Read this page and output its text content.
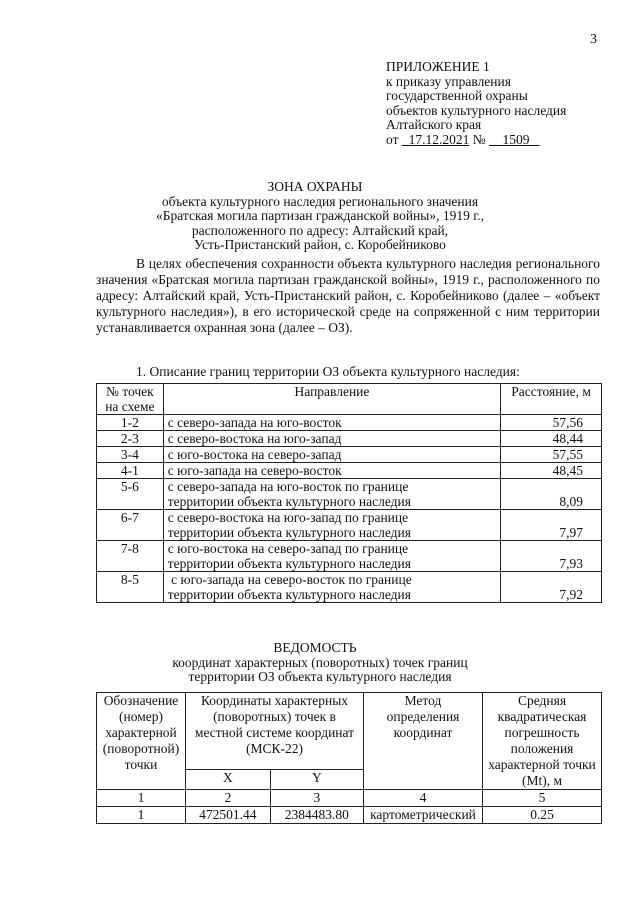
3
ПРИЛОЖЕНИЕ 1
к приказу управления
государственной охраны
объектов культурного наследия
Алтайского края
от 17.12.2021 № 1509
ЗОНА ОХРАНЫ
объекта культурного наследия регионального значения
«Братская могила партизан гражданской войны», 1919 г.,
расположенного по адресу: Алтайский край,
Усть-Пристанский район, с. Коробейниково
В целях обеспечения сохранности объекта культурного наследия регионального значения «Братская могила партизан гражданской войны», 1919 г., расположенного по адресу: Алтайский край, Усть-Пристанский район, с. Коробейниково (далее – «объект культурного наследия»), в его исторической среде на сопряженной с ним территории устанавливается охранная зона (далее – ОЗ).
1. Описание границ территории ОЗ объекта культурного наследия:
№ точек на схеме	Направление	Расстояние, м
1-2	с северо-запада на юго-восток	57,56
2-3	с северо-востока на юго-запад	48,44
3-4	с юго-востока на северо-запад	57,55
4-1	с юго-запада на северо-восток	48,45
5-6	с северо-запада на юго-восток по границе
территории объекта культурного наследия	8,09
6-7	с северо-востока на юго-запад по границе
территории объекта культурного наследия	7,97
7-8	с юго-востока на северо-запад по границе
территории объекта культурного наследия	7,93
8-5	с юго-запада на северо-восток по границе
территории объекта культурного наследия	7,92
ВЕДОМОСТЬ
координат характерных (поворотных) точек границ
территории ОЗ объекта культурного наследия
Обозначение (номер) характерной (поворотной) точки	Координаты характерных (поворотных) точек в местной системе координат (МСК-22)		Метод определения координат	Средняя квадратическая погрешность положения характерной точки (Mt), м
	X	Y		
1	2	3	4	5
1	472501.44	2384483.80	картометрический	0.25
